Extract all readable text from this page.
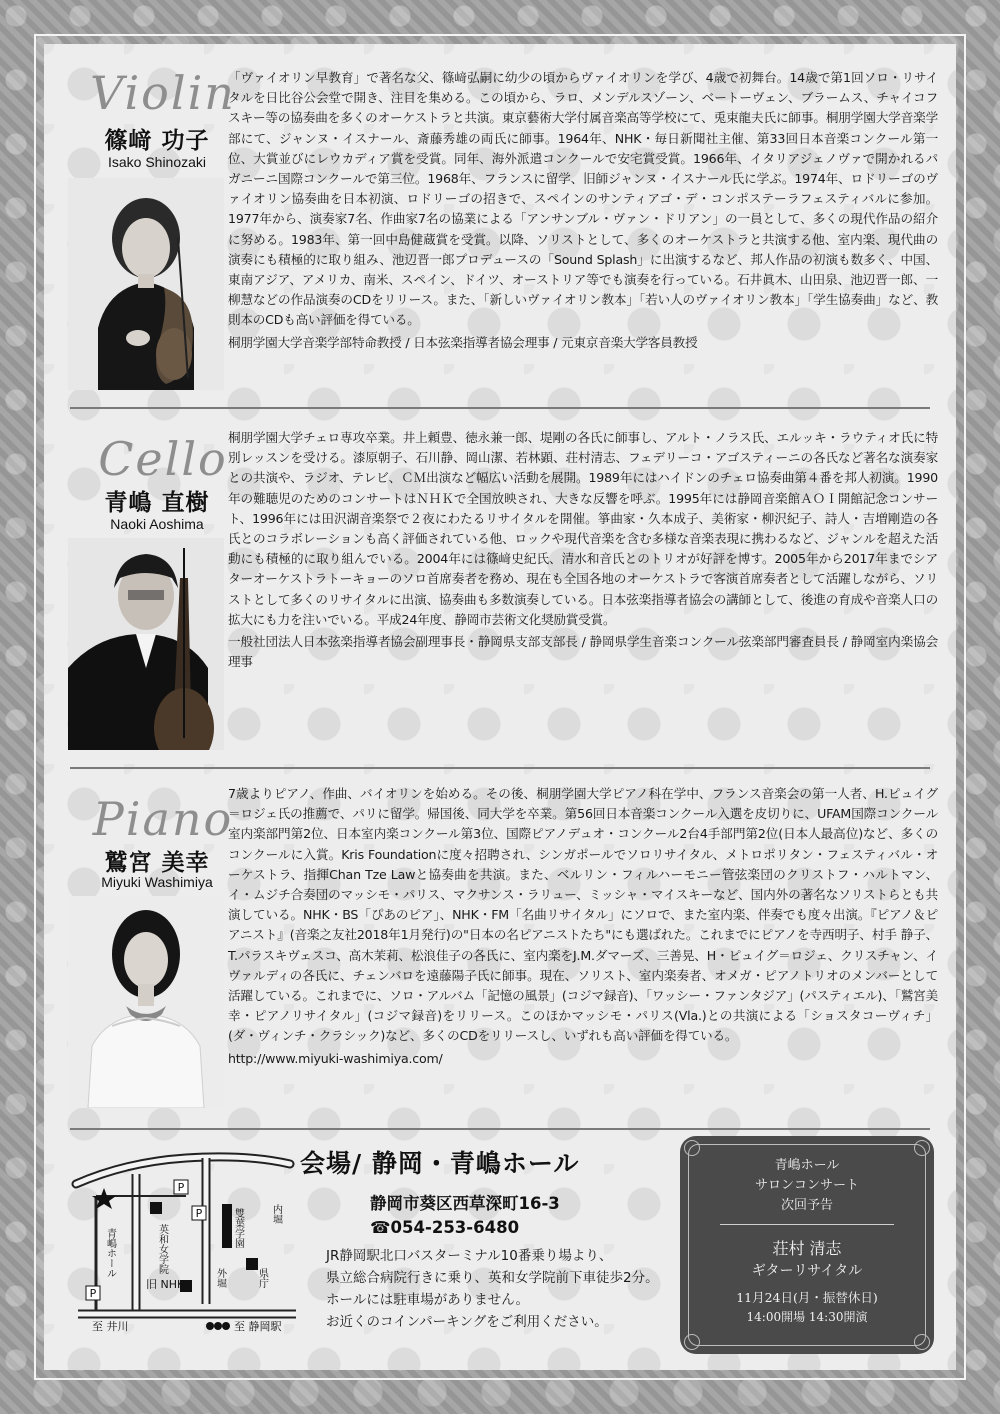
Violin
篠﨑 功子
Isako Shinozaki

「ヴァイオリン早教育」で著名な父、篠﨑弘嗣に幼少の頃からヴァイオリンを学び、4歳で初舞台。14歳で第1回ソロ・リサイタルを日比谷公会堂で開き、注目を集める。この頃から、ラロ、メンデルスゾーン、ベートーヴェン、ブラームス、チャイコフスキー等の協奏曲を多くのオーケストラと共演。東京藝術大学付属音楽高等学校にて、兎束龍夫氏に師事。桐朋学園大学音楽学部にて、ジャンヌ・イスナール、斎藤秀雄の両氏に師事。1964年、NHK・毎日新聞社主催、第33回日本音楽コンクール第一位、大賞並びにレウカディア賞を受賞。同年、海外派遣コンクールで安宅賞受賞。1966年、イタリアジェノヴァで開かれるパガニーニ国際コンクールで第三位。1968年、フランスに留学、旧師ジャンヌ・イスナール氏に学ぶ。1974年、ロドリーゴのヴァイオリン協奏曲を日本初演、ロドリーゴの招きで、スペインのサンティアゴ・デ・コンポステーラフェスティバルに参加。1977年から、演奏家7名、作曲家7名の協業による「アンサンブル・ヴァン・ドリアン」の一員として、多くの現代作品の紹介に努める。1983年、第一回中島健蔵賞を受賞。以降、ソリストとして、多くのオーケストラと共演する他、室内楽、現代曲の演奏にも積極的に取り組み、池辺晋一郎プロデュースの「Sound Splash」に出演するなど、邦人作品の初演も数多く、中国、東南アジア、アメリカ、南米、スペイン、ドイツ、オーストリア等でも演奏を行っている。石井眞木、山田泉、池辺晋一郎、一柳慧などの作品演奏のCDをリリース。また、「新しいヴァイオリン教本」「若い人のヴァイオリン教本」「学生協奏曲」など、教則本のCDも高い評価を得ている。

桐朋学園大学音楽学部特命教授 / 日本弦楽指導者協会理事 / 元東京音楽大学客員教授

Cello
青嶋 直樹
Naoki Aoshima

桐朋学園大学チェロ専攻卒業。井上頼豊、徳永兼一郎、堤剛の各氏に師事し、アルト・ノラス氏、エルッキ・ラウティオ氏に特別レッスンを受ける。漆原朝子、石川静、岡山潔、若林顕、荘村清志、フェデリーコ・アゴスティーニの各氏など著名な演奏家との共演や、ラジオ、テレビ、ＣＭ出演など幅広い活動を展開。1989年にはハイドンのチェロ協奏曲第４番を邦人初演。1990年の難聴児のためのコンサートはＮＨＫで全国放映され、大きな反響を呼ぶ。1995年には静岡音楽館ＡＯＩ開館記念コンサート、1996年には田沢湖音楽祭で２夜にわたるリサイタルを開催。箏曲家・久本成子、美術家・柳沢紀子、詩人・吉増剛造の各氏とのコラボレーションも高く評価されている他、ロックや現代音楽を含む多様な音楽表現に携わるなど、ジャンルを超えた活動にも積極的に取り組んでいる。2004年には篠﨑史紀氏、清水和音氏とのトリオが好評を博す。2005年から2017年までシアターオーケストラトーキョーのソロ首席奏者を務め、現在も全国各地のオーケストラで客演首席奏者として活躍しながら、ソリストとして多くのリサイタルに出演、協奏曲も多数演奏している。日本弦楽指導者協会の講師として、後進の育成や音楽人口の拡大にも力を注いでいる。平成24年度、静岡市芸術文化奨励賞受賞。

一般社団法人日本弦楽指導者協会副理事長・静岡県支部支部長 / 静岡県学生音楽コンクール弦楽部門審査員長 / 静岡室内楽協会理事

Piano
鷲宮 美幸
Miyuki Washimiya

7歳よりピアノ、作曲、バイオリンを始める。その後、桐朋学園大学ピアノ科在学中、フランス音楽会の第一人者、H.ピュイグ＝ロジェ氏の推薦で、パリに留学。帰国後、同大学を卒業。第56回日本音楽コンクール入選を皮切りに、UFAM国際コンクール室内楽部門第2位、日本室内楽コンクール第3位、国際ピアノデュオ・コンクール2台4手部門第2位(日本人最高位)など、多くのコンクールに入賞。Kris Foundationに度々招聘され、シンガポールでソロリサイタル、メトロポリタン・フェスティバル・オーケストラ、指揮Chan Tze Lawと協奏曲を共演。また、ベルリン・フィルハーモニー管弦楽団のクリストフ・ハルトマン、イ・ムジチ合奏団のマッシモ・パリス、マクサンス・ラリュー、ミッシャ・マイスキーなど、国内外の著名なソリストらとも共演している。NHK・BS「ぴあのピア」、NHK・FM「名曲リサイタル」にソロで、また室内楽、伴奏でも度々出演。『ピアノ＆ピアニスト』(音楽之友社2018年1月発行)の"日本の名ピアニストたち"にも選ばれた。これまでにピアノを寺西明子、村手 静子、T.パラスキヴェスコ、高木茉莉、松浪佳子の各氏に、室内楽をJ.M.ダマーズ、三善晃、H・ピュイグ＝ロジェ、クリスチャン、イヴァルディの各氏に、チェンバロを遠藤陽子氏に師事。現在、ソリスト、室内楽奏者、オメガ・ピアノトリオのメンバーとして活躍している。これまでに、ソロ・アルバム「記憶の風景」(コジマ録音)、「ワッシー・ファンタジア」(パスティエル)、「鷲宮美幸・ピアノリサイタル」(コジマ録音)をリリース。このほかマッシモ・パリス(Vla.)との共演による「ショスタコーヴィチ」(ダ・ヴィンチ・クラシック)など、多くのCDをリリースし、いずれも高い評価を得ている。

http://www.miyuki-washimiya.com/

P
P
P
青嶋ホール	英和女学院
内堀
雙葉学園
旧 NHK	外堀	県庁
至 井川	至 静岡駅

会場/ 静岡・青嶋ホール

静岡市葵区西草深町16-3

☎054-253-6480

JR静岡駅北口バスターミナル10番乗り場より、

県立総合病院行きに乗り、英和女学院前下車徒歩2分。

ホールには駐車場がありません。

お近くのコインパーキングをご利用ください。

青嶋ホール
サロンコンサート
次回予告
荘村 清志
ギターリサイタル
11月24日(月・振替休日)
14:00開場 14:30開演
